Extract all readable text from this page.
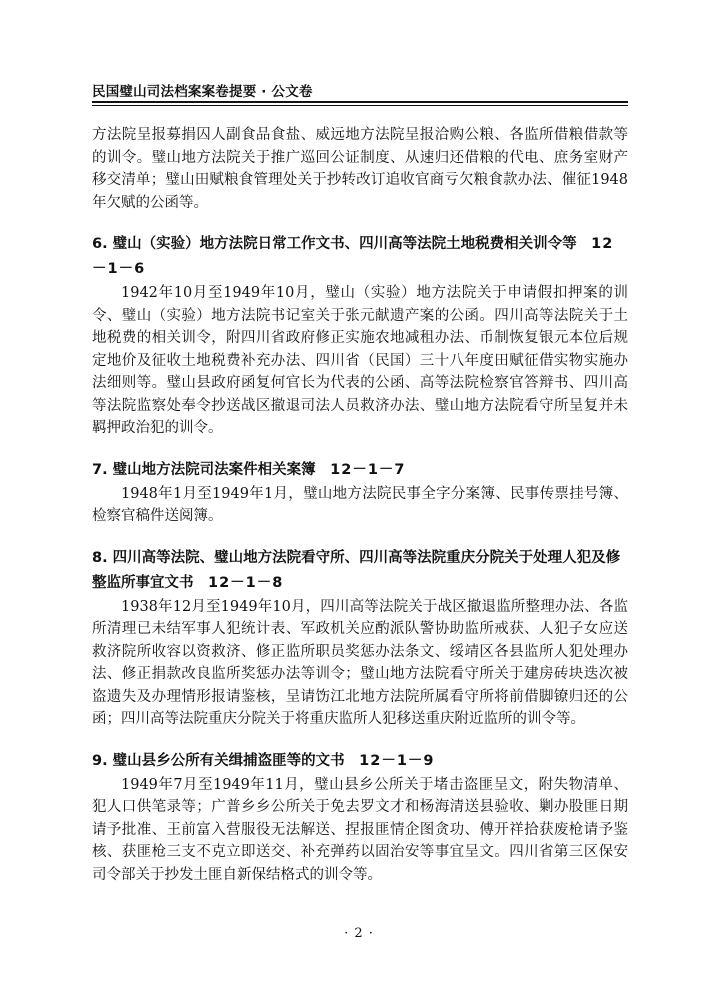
民国璧山司法档案案卷提要 · 公文卷

方法院呈报募捐囚人副食品食盐、威远地方法院呈报洽购公粮、各监所借粮借款等的训令。璧山地方法院关于推广巡回公证制度、从速归还借粮的代电、庶务室财产移交清单；璧山田赋粮食管理处关于抄转改订追收官商亏欠粮食款办法、催征1948年欠赋的公函等。

6. 璧山（实验）地方法院日常工作文书、四川高等法院土地税费相关训令等　 12－1－6

1942年10月至1949年10月，璧山（实验）地方法院关于申请假扣押案的训令、璧山（实验）地方法院书记室关于张元献遗产案的公函。四川高等法院关于土地税费的相关训令，附四川省政府修正实施农地减租办法、币制恢复银元本位后规定地价及征收土地税费补充办法、四川省（民国）三十八年度田赋征借实物实施办法细则等。璧山县政府函复何官长为代表的公函、高等法院检察官答辩书、四川高等法院监察处奉令抄送战区撤退司法人员救济办法、璧山地方法院看守所呈复并未羁押政治犯的训令。

7. 璧山地方法院司法案件相关案簿　 12－1－7

1948年1月至1949年1月，璧山地方法院民事全字分案簿、民事传票挂号簿、检察官稿件送阅簿。

8. 四川高等法院、璧山地方法院看守所、四川高等法院重庆分院关于处理人犯及修整监所事宜文书　 12－1－8

1938年12月至1949年10月，四川高等法院关于战区撤退监所整理办法、各监所清理已未结军事人犯统计表、军政机关应酌派队警协助监所戒获、人犯子女应送救济院所收容以资救济、修正监所职员奖惩办法条文、绥靖区各县监所人犯处理办法、修正捐款改良监所奖惩办法等训令；璧山地方法院看守所关于建房砖块迭次被盗遗失及办理情形报请鉴核，呈请饬江北地方法院所属看守所将前借脚镣归还的公函；四川高等法院重庆分院关于将重庆监所人犯移送重庆附近监所的训令等。

9. 璧山县乡公所有关缉捕盗匪等的文书　 12－1－9

1949年7月至1949年11月，璧山县乡公所关于堵击盗匪呈文，附失物清单、犯人口供笔录等；广普乡乡公所关于免去罗文才和杨海清送县验收、剿办股匪日期请予批准、王前富入营服役无法解送、捏报匪情企图贪功、傅开祥拾获废枪请予鉴核、获匪枪三支不克立即送交、补充弹药以固治安等事宜呈文。四川省第三区保安司令部关于抄发土匪自新保结格式的训令等。

· 2 ·
